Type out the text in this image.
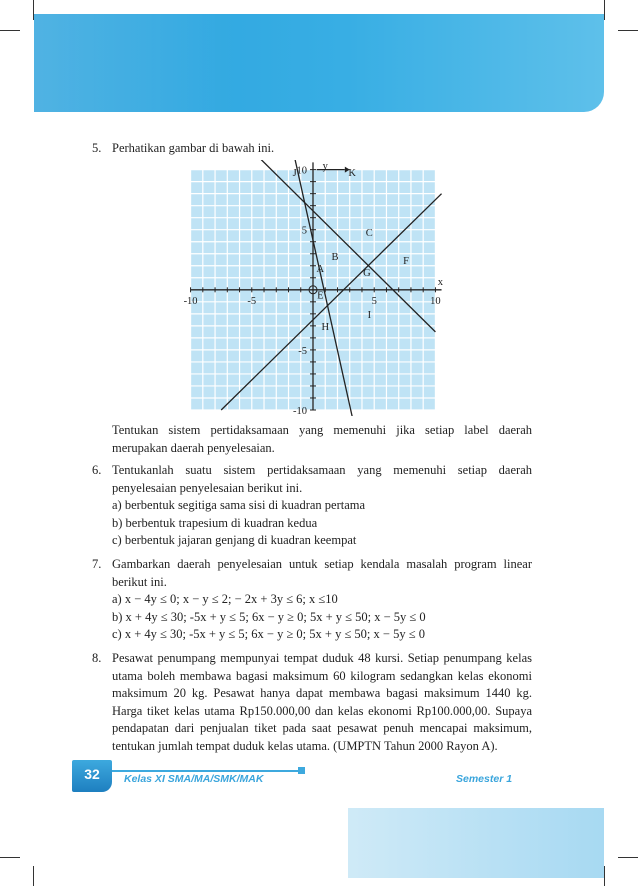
5. Perhatikan gambar di bawah ini.
-10	-5	5	10
10
5
-5
-10
x
y
J	K
C
B	F
A	G
E
I
H
Tentukan sistem pertidaksamaan yang memenuhi jika setiap label daerah merupakan daerah penyelesaian.
6. Tentukanlah suatu sistem pertidaksamaan yang memenuhi setiap daerah penyelesaian penyelesaian berikut ini.
a) berbentuk segitiga sama sisi di kuadran pertama
b) berbentuk trapesium di kuadran kedua
c) berbentuk jajaran genjang di kuadran keempat
7. Gambarkan daerah penyelesaian untuk setiap kendala masalah program linear berikut ini.
a) x − 4y ≤ 0; x − y ≤ 2; − 2x + 3y ≤ 6; x ≤10
b) x + 4y ≤ 30; -5x + y ≤ 5; 6x − y ≥ 0; 5x + y ≤ 50; x − 5y ≤ 0
c) x + 4y ≤ 30; -5x + y ≤ 5; 6x − y ≥ 0; 5x + y ≤ 50; x − 5y ≤ 0
8. Pesawat penumpang mempunyai tempat duduk 48 kursi. Setiap penumpang kelas utama boleh membawa bagasi maksimum 60 kilogram sedangkan kelas ekonomi maksimum 20 kg. Pesawat hanya dapat membawa bagasi maksimum 1440 kg. Harga tiket kelas utama Rp150.000,00 dan kelas ekonomi Rp100.000,00. Supaya pendapatan dari penjualan tiket pada saat pesawat penuh mencapai maksimum, tentukan jumlah tempat duduk kelas utama. (UMPTN Tahun 2000 Rayon A).
32	Kelas XI SMA/MA/SMK/MAK	Semester 1
